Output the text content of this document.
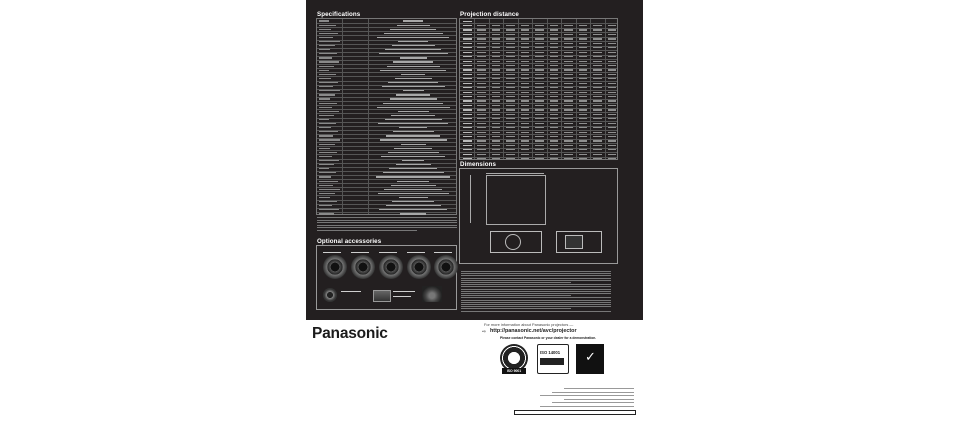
Specifications
Optional accessories
Projection distance
Dimensions
Panasonic
For more information about Panasonic projectors —
⇨ http://panasonic.net/avc/projector
Please contact Panasonic or your dealer for a demonstration.
ISO 9001
ISO 14001 ✓
